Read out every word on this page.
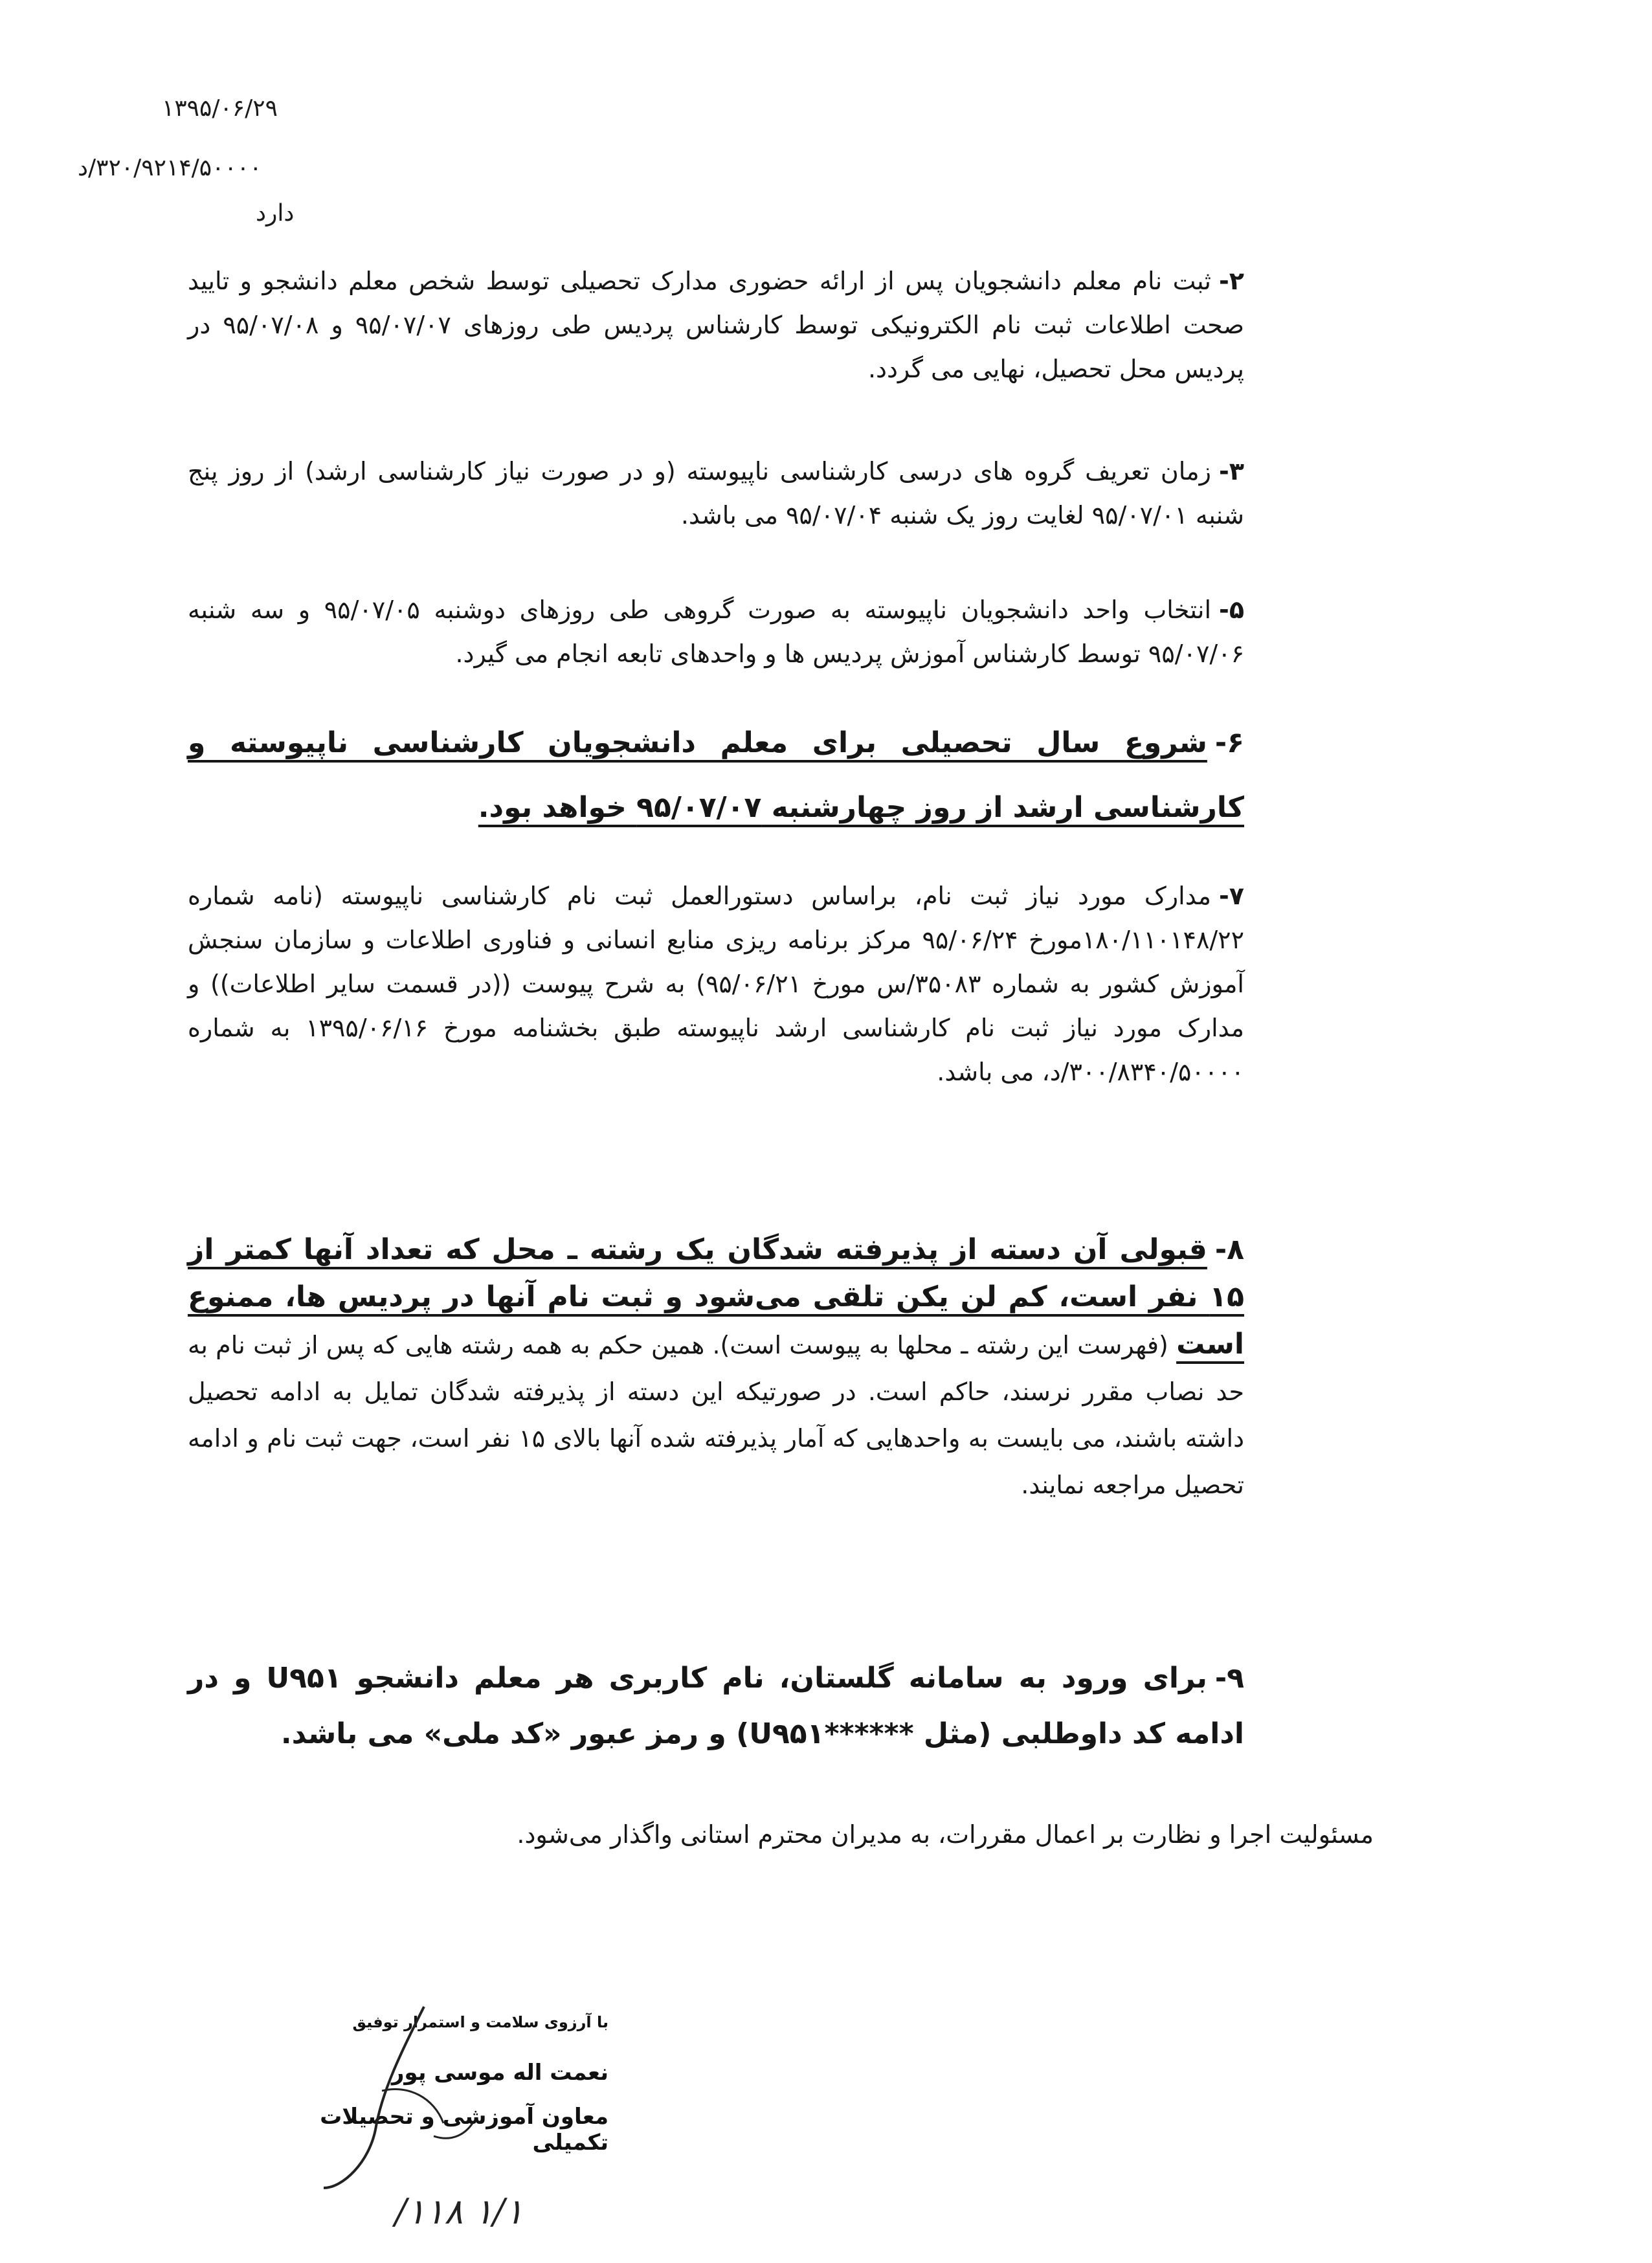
۱۳۹۵/۰۶/۲۹
۳۲۰/۹۲۱۴/۵۰۰۰۰/د
دارد
۲-ثبت نام معلم دانشجویان پس از ارائه حضوری مدارک تحصیلی توسط شخص معلم دانشجو و تایید صحت اطلاعات ثبت نام الکترونیکی توسط کارشناس پردیس طی روزهای ۹۵/۰۷/۰۷ و ۹۵/۰۷/۰۸ در پردیس محل تحصیل، نهایی می گردد.
۳-زمان تعریف گروه های درسی کارشناسی ناپیوسته (و در صورت نیاز کارشناسی ارشد) از روز پنج شنبه ۹۵/۰۷/۰۱ لغایت روز یک شنبه ۹۵/۰۷/۰۴ می باشد.
۵-انتخاب واحد دانشجویان ناپیوسته به صورت گروهی طی روزهای دوشنبه ۹۵/۰۷/۰۵ و سه شنبه ۹۵/۰۷/۰۶ توسط کارشناس آموزش پردیس ها و واحدهای تابعه انجام می گیرد.
۶-شروع سال تحصیلی برای معلم دانشجویان کارشناسی ناپیوسته و کارشناسی ارشد از روز چهارشنبه ۹۵/۰۷/۰۷ خواهد بود.
۷-مدارک مورد نیاز ثبت نام، براساس دستورالعمل ثبت نام کارشناسی ناپیوسته (نامه شماره ۱۸۰/۱۱۰۱۴۸/۲۲مورخ ۹۵/۰۶/۲۴ مرکز برنامه ریزی منابع انسانی و فناوری اطلاعات و سازمان سنجش آموزش کشور به شماره ۳۵۰۸۳/س مورخ ۹۵/۰۶/۲۱) به شرح پیوست ((در قسمت سایر اطلاعات)) و مدارک مورد نیاز ثبت نام کارشناسی ارشد ناپیوسته طبق بخشنامه مورخ ۱۳۹۵/۰۶/۱۶ به شماره ۳۰۰/۸۳۴۰/۵۰۰۰۰/د، می باشد.
۸-قبولی آن دسته از پذیرفته شدگان یک رشته ـ محل که تعداد آنها کمتر از ۱۵ نفر است، کم لن یکن تلقی می‌شود و ثبت نام آنها در پردیس ها، ممنوع است (فهرست این رشته ـ محلها به پیوست است). همین حکم به همه رشته هایی که پس از ثبت نام به حد نصاب مقرر نرسند، حاکم است. در صورتیکه این دسته از پذیرفته شدگان تمایل به ادامه تحصیل داشته باشند، می بایست به واحدهایی که آمار پذیرفته شده آنها بالای ۱۵ نفر است، جهت ثبت نام و ادامه تحصیل مراجعه نمایند.
۹-برای ورود به سامانه گلستان، نام کاربری هر معلم دانشجو U۹۵۱ و در ادامه کد داوطلبی (مثل ******U۹۵۱) و رمز عبور «کد ملی» می باشد.
مسئولیت اجرا و نظارت بر اعمال مقررات، به مدیران محترم استانی واگذار می‌شود.
با آرزوی سلامت و استمرار توفیق
نعمت اله موسی پور
معاون آموزشی و تحصیلات تکمیلی
۱/۱ ۱۱۸/
